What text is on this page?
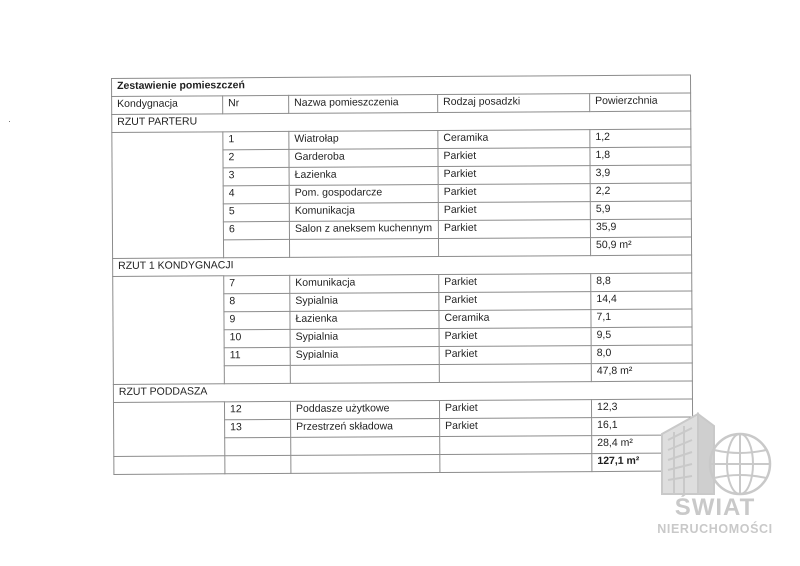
Zestawienie pomieszczeń				
Kondygnacja	Nr	Nazwa pomieszczenia	Rodzaj posadzki	Powierzchnia
RZUT PARTERU				
	1	Wiatrołap	Ceramika	1,2
	2	Garderoba	Parkiet	1,8
	3	Łazienka	Parkiet	3,9
	4	Pom. gospodarcze	Parkiet	2,2
	5	Komunikacja	Parkiet	5,9
	6	Salon z aneksem kuchennym	Parkiet	35,9
				50,9 m²
RZUT 1 KONDYGNACJI				
	7	Komunikacja	Parkiet	8,8
	8	Sypialnia	Parkiet	14,4
	9	Łazienka	Ceramika	7,1
	10	Sypialnia	Parkiet	9,5
	11	Sypialnia	Parkiet	8,0
				47,8 m²
RZUT PODDASZA				
	12	Poddasze użytkowe	Parkiet	12,3
	13	Przestrzeń składowa	Parkiet	16,1
				28,4 m²
				127,1 m²
ŚWIAT
NIERUCHOMOŚCI
